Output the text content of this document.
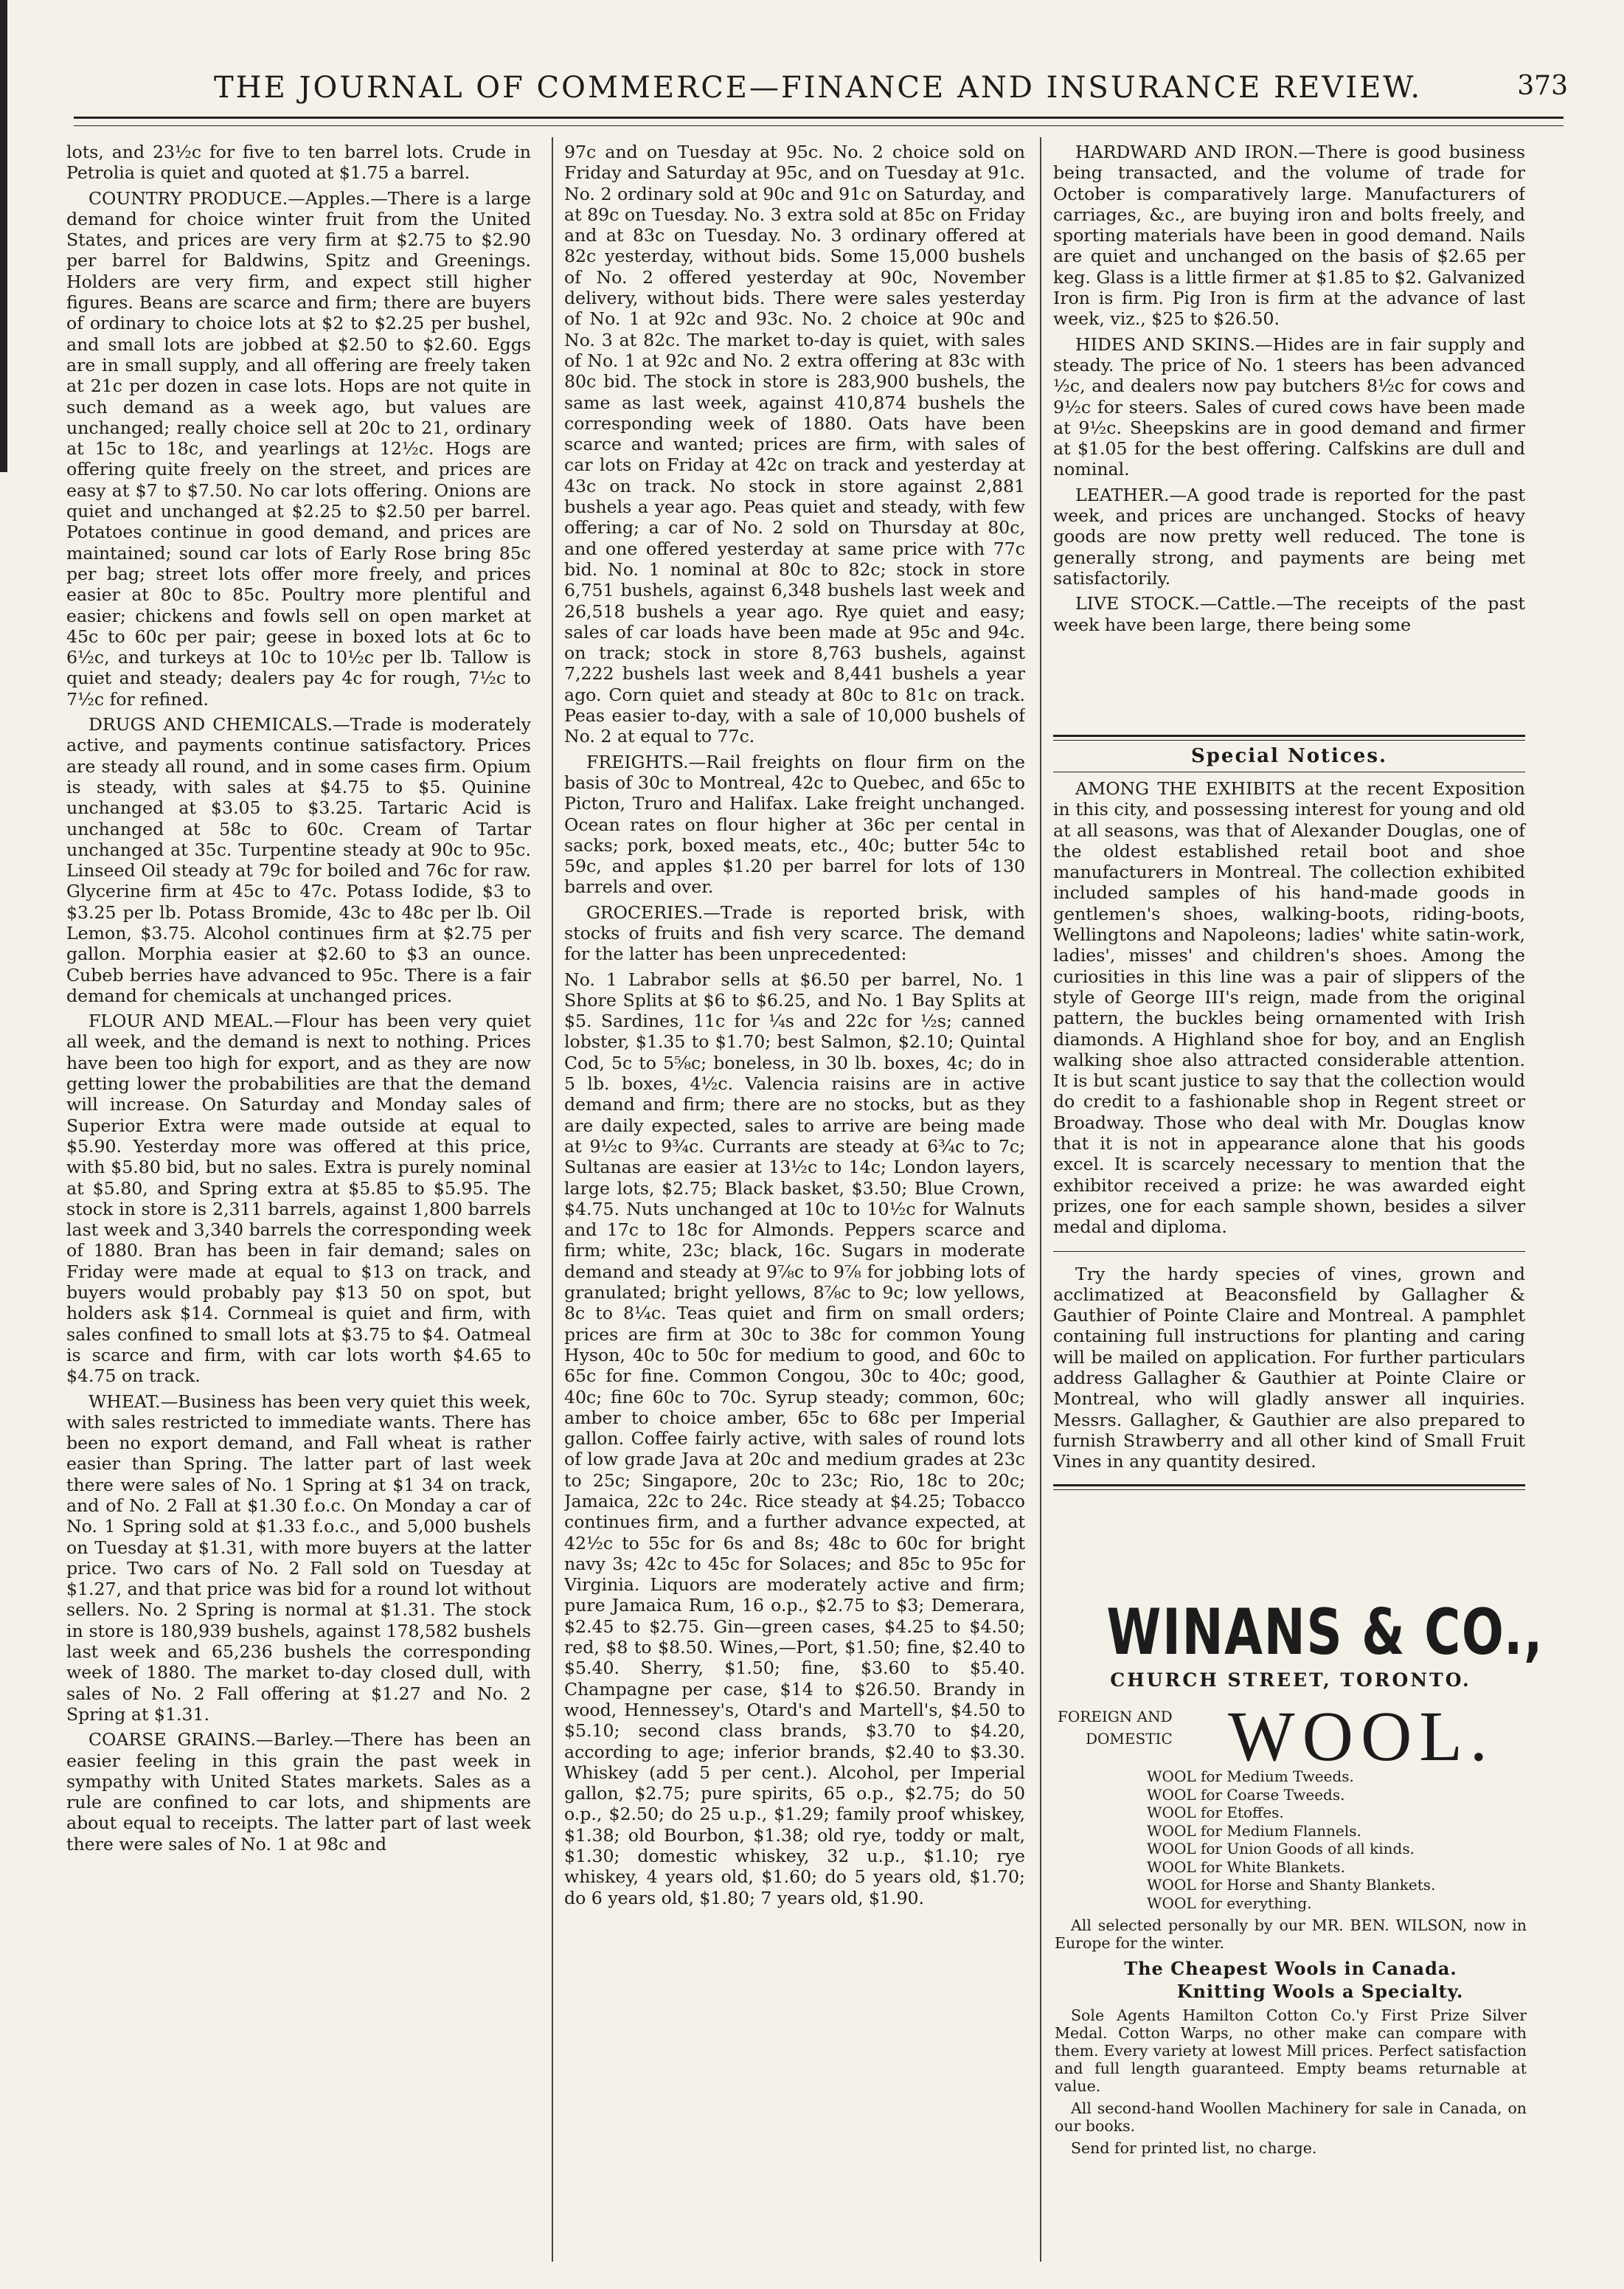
THE JOURNAL OF COMMERCE—FINANCE AND INSURANCE REVIEW.	373

lots, and 23½c for five to ten barrel lots. Crude in Petrolia is quiet and quoted at $1.75 a barrel.

COUNTRY PRODUCE.—Apples.—There is a large demand for choice winter fruit from the United States, and prices are very firm at $2.75 to $2.90 per barrel for Baldwins, Spitz and Greenings. Holders are very firm, and expect still higher figures. Beans are scarce and firm; there are buyers of ordinary to choice lots at $2 to $2.25 per bushel, and small lots are jobbed at $2.50 to $2.60. Eggs are in small supply, and all offering are freely taken at 21c per dozen in case lots. Hops are not quite in such demand as a week ago, but values are unchanged; really choice sell at 20c to 21, ordinary at 15c to 18c, and yearlings at 12½c. Hogs are offering quite freely on the street, and prices are easy at $7 to $7.50. No car lots offering. Onions are quiet and unchanged at $2.25 to $2.50 per barrel. Potatoes continue in good demand, and prices are maintained; sound car lots of Early Rose bring 85c per bag; street lots offer more freely, and prices easier at 80c to 85c. Poultry more plentiful and easier; chickens and fowls sell on open market at 45c to 60c per pair; geese in boxed lots at 6c to 6½c, and turkeys at 10c to 10½c per lb. Tallow is quiet and steady; dealers pay 4c for rough, 7½c to 7½c for refined.

DRUGS AND CHEMICALS.—Trade is moderately active, and payments continue satisfactory. Prices are steady all round, and in some cases firm. Opium is steady, with sales at $4.75 to $5. Quinine unchanged at $3.05 to $3.25. Tartaric Acid is unchanged at 58c to 60c. Cream of Tartar unchanged at 35c. Turpentine steady at 90c to 95c. Linseed Oil steady at 79c for boiled and 76c for raw. Glycerine firm at 45c to 47c. Potass Iodide, $3 to $3.25 per lb. Potass Bromide, 43c to 48c per lb. Oil Lemon, $3.75. Alcohol continues firm at $2.75 per gallon. Morphia easier at $2.60 to $3 an ounce. Cubeb berries have advanced to 95c. There is a fair demand for chemicals at unchanged prices.

FLOUR AND MEAL.—Flour has been very quiet all week, and the demand is next to nothing. Prices have been too high for export, and as they are now getting lower the probabilities are that the demand will increase. On Saturday and Monday sales of Superior Extra were made outside at equal to $5.90. Yesterday more was offered at this price, with $5.80 bid, but no sales. Extra is purely nominal at $5.80, and Spring extra at $5.85 to $5.95. The stock in store is 2,311 barrels, against 1,800 barrels last week and 3,340 barrels the corresponding week of 1880. Bran has been in fair demand; sales on Friday were made at equal to $13 on track, and buyers would probably pay $13 50 on spot, but holders ask $14. Cornmeal is quiet and firm, with sales confined to small lots at $3.75 to $4. Oatmeal is scarce and firm, with car lots worth $4.65 to $4.75 on track.

WHEAT.—Business has been very quiet this week, with sales restricted to immediate wants. There has been no export demand, and Fall wheat is rather easier than Spring. The latter part of last week there were sales of No. 1 Spring at $1 34 on track, and of No. 2 Fall at $1.30 f.o.c. On Monday a car of No. 1 Spring sold at $1.33 f.o.c., and 5,000 bushels on Tuesday at $1.31, with more buyers at the latter price. Two cars of No. 2 Fall sold on Tuesday at $1.27, and that price was bid for a round lot without sellers. No. 2 Spring is normal at $1.31. The stock in store is 180,939 bushels, against 178,582 bushels last week and 65,236 bushels the corresponding week of 1880. The market to-day closed dull, with sales of No. 2 Fall offering at $1.27 and No. 2 Spring at $1.31.

COARSE GRAINS.—Barley.—There has been an easier feeling in this grain the past week in sympathy with United States markets. Sales as a rule are confined to car lots, and shipments are about equal to receipts. The latter part of last week there were sales of No. 1 at 98c and

97c and on Tuesday at 95c. No. 2 choice sold on Friday and Saturday at 95c, and on Tuesday at 91c. No. 2 ordinary sold at 90c and 91c on Saturday, and at 89c on Tuesday. No. 3 extra sold at 85c on Friday and at 83c on Tuesday. No. 3 ordinary offered at 82c yesterday, without bids. Some 15,000 bushels of No. 2 offered yesterday at 90c, November delivery, without bids. There were sales yesterday of No. 1 at 92c and 93c. No. 2 choice at 90c and No. 3 at 82c. The market to-day is quiet, with sales of No. 1 at 92c and No. 2 extra offering at 83c with 80c bid. The stock in store is 283,900 bushels, the same as last week, against 410,874 bushels the corresponding week of 1880. Oats have been scarce and wanted; prices are firm, with sales of car lots on Friday at 42c on track and yesterday at 43c on track. No stock in store against 2,881 bushels a year ago. Peas quiet and steady, with few offering; a car of No. 2 sold on Thursday at 80c, and one offered yesterday at same price with 77c bid. No. 1 nominal at 80c to 82c; stock in store 6,751 bushels, against 6,348 bushels last week and 26,518 bushels a year ago. Rye quiet and easy; sales of car loads have been made at 95c and 94c. on track; stock in store 8,763 bushels, against 7,222 bushels last week and 8,441 bushels a year ago. Corn quiet and steady at 80c to 81c on track. Peas easier to-day, with a sale of 10,000 bushels of No. 2 at equal to 77c.

FREIGHTS.—Rail freights on flour firm on the basis of 30c to Montreal, 42c to Quebec, and 65c to Picton, Truro and Halifax. Lake freight unchanged. Ocean rates on flour higher at 36c per cental in sacks; pork, boxed meats, etc., 40c; butter 54c to 59c, and apples $1.20 per barrel for lots of 130 barrels and over.

GROCERIES.—Trade is reported brisk, with stocks of fruits and fish very scarce. The demand for the latter has been unprecedented:

No. 1 Labrabor sells at $6.50 per barrel, No. 1 Shore Splits at $6 to $6.25, and No. 1 Bay Splits at $5. Sardines, 11c for ¼s and 22c for ½s; canned lobster, $1.35 to $1.70; best Salmon, $2.10; Quintal Cod, 5c to 5⅝c; boneless, in 30 lb. boxes, 4c; do in 5 lb. boxes, 4½c. Valencia raisins are in active demand and firm; there are no stocks, but as they are daily expected, sales to arrive are being made at 9½c to 9¾c. Currants are steady at 6¾c to 7c; Sultanas are easier at 13½c to 14c; London layers, large lots, $2.75; Black basket, $3.50; Blue Crown, $4.75. Nuts unchanged at 10c to 10½c for Walnuts and 17c to 18c for Almonds. Peppers scarce and firm; white, 23c; black, 16c. Sugars in moderate demand and steady at 9⅞c to 9⅞ for jobbing lots of granulated; bright yellows, 8⅞c to 9c; low yellows, 8c to 8¼c. Teas quiet and firm on small orders; prices are firm at 30c to 38c for common Young Hyson, 40c to 50c for medium to good, and 60c to 65c for fine. Common Congou, 30c to 40c; good, 40c; fine 60c to 70c. Syrup steady; common, 60c; amber to choice amber, 65c to 68c per Imperial gallon. Coffee fairly active, with sales of round lots of low grade Java at 20c and medium grades at 23c to 25c; Singapore, 20c to 23c; Rio, 18c to 20c; Jamaica, 22c to 24c. Rice steady at $4.25; Tobacco continues firm, and a further advance expected, at 42½c to 55c for 6s and 8s; 48c to 60c for bright navy 3s; 42c to 45c for Solaces; and 85c to 95c for Virginia. Liquors are moderately active and firm; pure Jamaica Rum, 16 o.p., $2.75 to $3; Demerara, $2.45 to $2.75. Gin—green cases, $4.25 to $4.50; red, $8 to $8.50. Wines,—Port, $1.50; fine, $2.40 to $5.40. Sherry, $1.50; fine, $3.60 to $5.40. Champagne per case, $14 to $26.50. Brandy in wood, Hennessey's, Otard's and Martell's, $4.50 to $5.10; second class brands, $3.70 to $4.20, according to age; inferior brands, $2.40 to $3.30. Whiskey (add 5 per cent.). Alcohol, per Imperial gallon, $2.75; pure spirits, 65 o.p., $2.75; do 50 o.p., $2.50; do 25 u.p., $1.29; family proof whiskey, $1.38; old Bourbon, $1.38; old rye, toddy or malt, $1.30; domestic whiskey, 32 u.p., $1.10; rye whiskey, 4 years old, $1.60; do 5 years old, $1.70; do 6 years old, $1.80; 7 years old, $1.90.

HARDWARD AND IRON.—There is good business being transacted, and the volume of trade for October is comparatively large. Manufacturers of carriages, &c., are buying iron and bolts freely, and sporting materials have been in good demand. Nails are quiet and unchanged on the basis of $2.65 per keg. Glass is a little firmer at $1.85 to $2. Galvanized Iron is firm. Pig Iron is firm at the advance of last week, viz., $25 to $26.50.

HIDES AND SKINS.—Hides are in fair supply and steady. The price of No. 1 steers has been advanced ½c, and dealers now pay butchers 8½c for cows and 9½c for steers. Sales of cured cows have been made at 9½c. Sheepskins are in good demand and firmer at $1.05 for the best offering. Calfskins are dull and nominal.

LEATHER.—A good trade is reported for the past week, and prices are unchanged. Stocks of heavy goods are now pretty well reduced. The tone is generally strong, and payments are being met satisfactorily.

LIVE STOCK.—Cattle.—The receipts of the past week have been large, there being some

Special Notices.

AMONG THE EXHIBITS at the recent Exposition in this city, and possessing interest for young and old at all seasons, was that of Alexander Douglas, one of the oldest established retail boot and shoe manufacturers in Montreal. The collection exhibited included samples of his hand-made goods in gentlemen's shoes, walking-boots, riding-boots, Wellingtons and Napoleons; ladies' white satin-work, ladies', misses' and children's shoes. Among the curiosities in this line was a pair of slippers of the style of George III's reign, made from the original pattern, the buckles being ornamented with Irish diamonds. A Highland shoe for boy, and an English walking shoe also attracted considerable attention. It is but scant justice to say that the collection would do credit to a fashionable shop in Regent street or Broadway. Those who deal with Mr. Douglas know that it is not in appearance alone that his goods excel. It is scarcely necessary to mention that the exhibitor received a prize: he was awarded eight prizes, one for each sample shown, besides a silver medal and diploma.

Try the hardy species of vines, grown and acclimatized at Beaconsfield by Gallagher & Gauthier of Pointe Claire and Montreal. A pamphlet containing full instructions for planting and caring will be mailed on application. For further particulars address Gallagher & Gauthier at Pointe Claire or Montreal, who will gladly answer all inquiries. Messrs. Gallagher, & Gauthier are also prepared to furnish Strawberry and all other kind of Small Fruit Vines in any quantity desired.

WINANS & CO.,
CHURCH STREET, TORONTO.
FOREIGN AND
DOMESTIC WOOL.
WOOL for Medium Tweeds.
WOOL for Coarse Tweeds.
WOOL for Etoffes.
WOOL for Medium Flannels.
WOOL for Union Goods of all kinds.
WOOL for White Blankets.
WOOL for Horse and Shanty Blankets.
WOOL for everything.

All selected personally by our MR. BEN. WILSON, now in Europe for the winter.

The Cheapest Wools in Canada.
Knitting Wools a Specialty.

Sole Agents Hamilton Cotton Co.'y First Prize Silver Medal. Cotton Warps, no other make can compare with them. Every variety at lowest Mill prices. Perfect satisfaction and full length guaranteed. Empty beams returnable at value.

All second-hand Woollen Machinery for sale in Canada, on our books.

Send for printed list, no charge.
